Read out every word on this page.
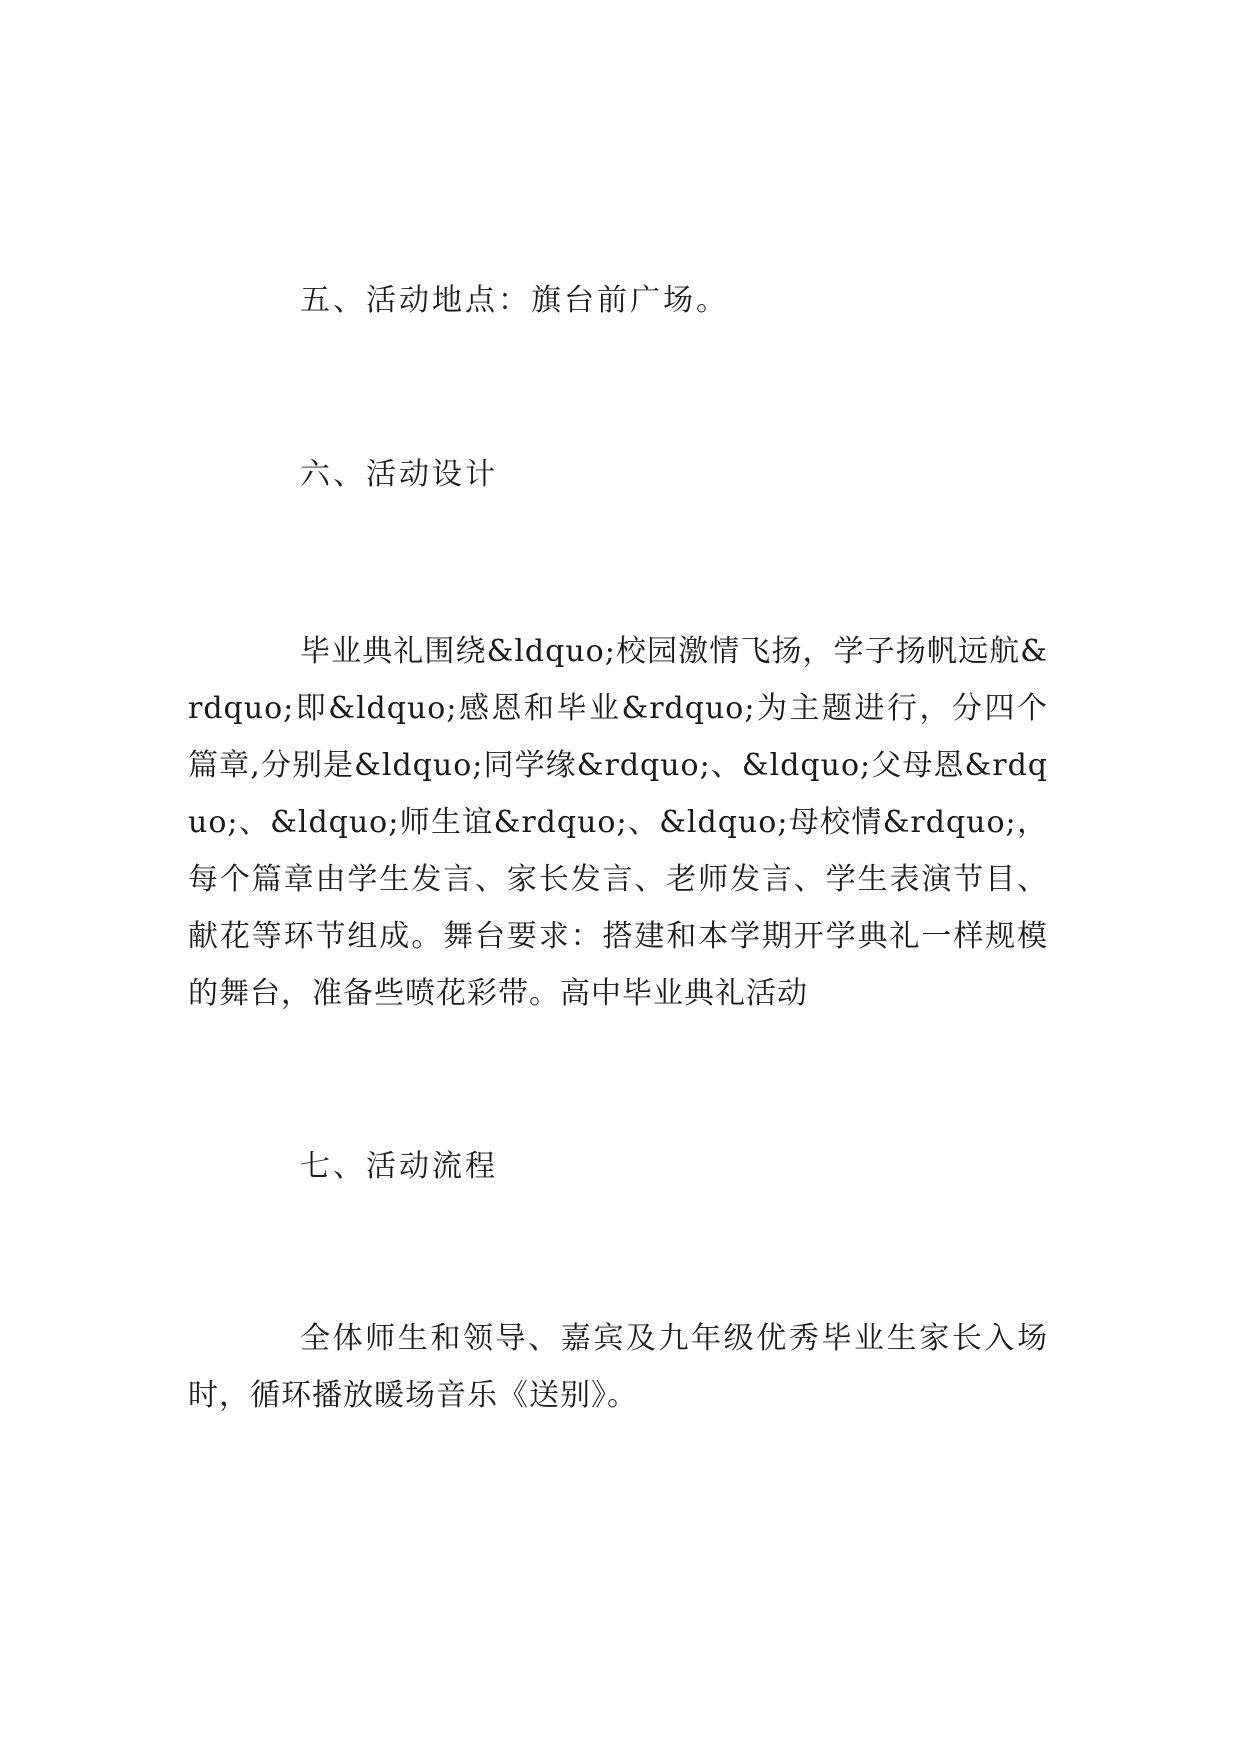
五、活动地点：旗台前广场。
六、活动设计
毕业典礼围绕&ldquo;校园激情飞扬，学子扬帆远航&rdquo;即&ldquo;感恩和毕业&rdquo;为主题进行，分四个篇章,分别是&ldquo;同学缘&rdquo;、&ldquo;父母恩&rdquo;、&ldquo;师生谊&rdquo;、&ldquo;母校情&rdquo;，每个篇章由学生发言、家长发言、老师发言、学生表演节目、献花等环节组成。舞台要求：搭建和本学期开学典礼一样规模的舞台，准备些喷花彩带。高中毕业典礼活动
七、活动流程
全体师生和领导、嘉宾及九年级优秀毕业生家长入场时，循环播放暖场音乐《送别》。
